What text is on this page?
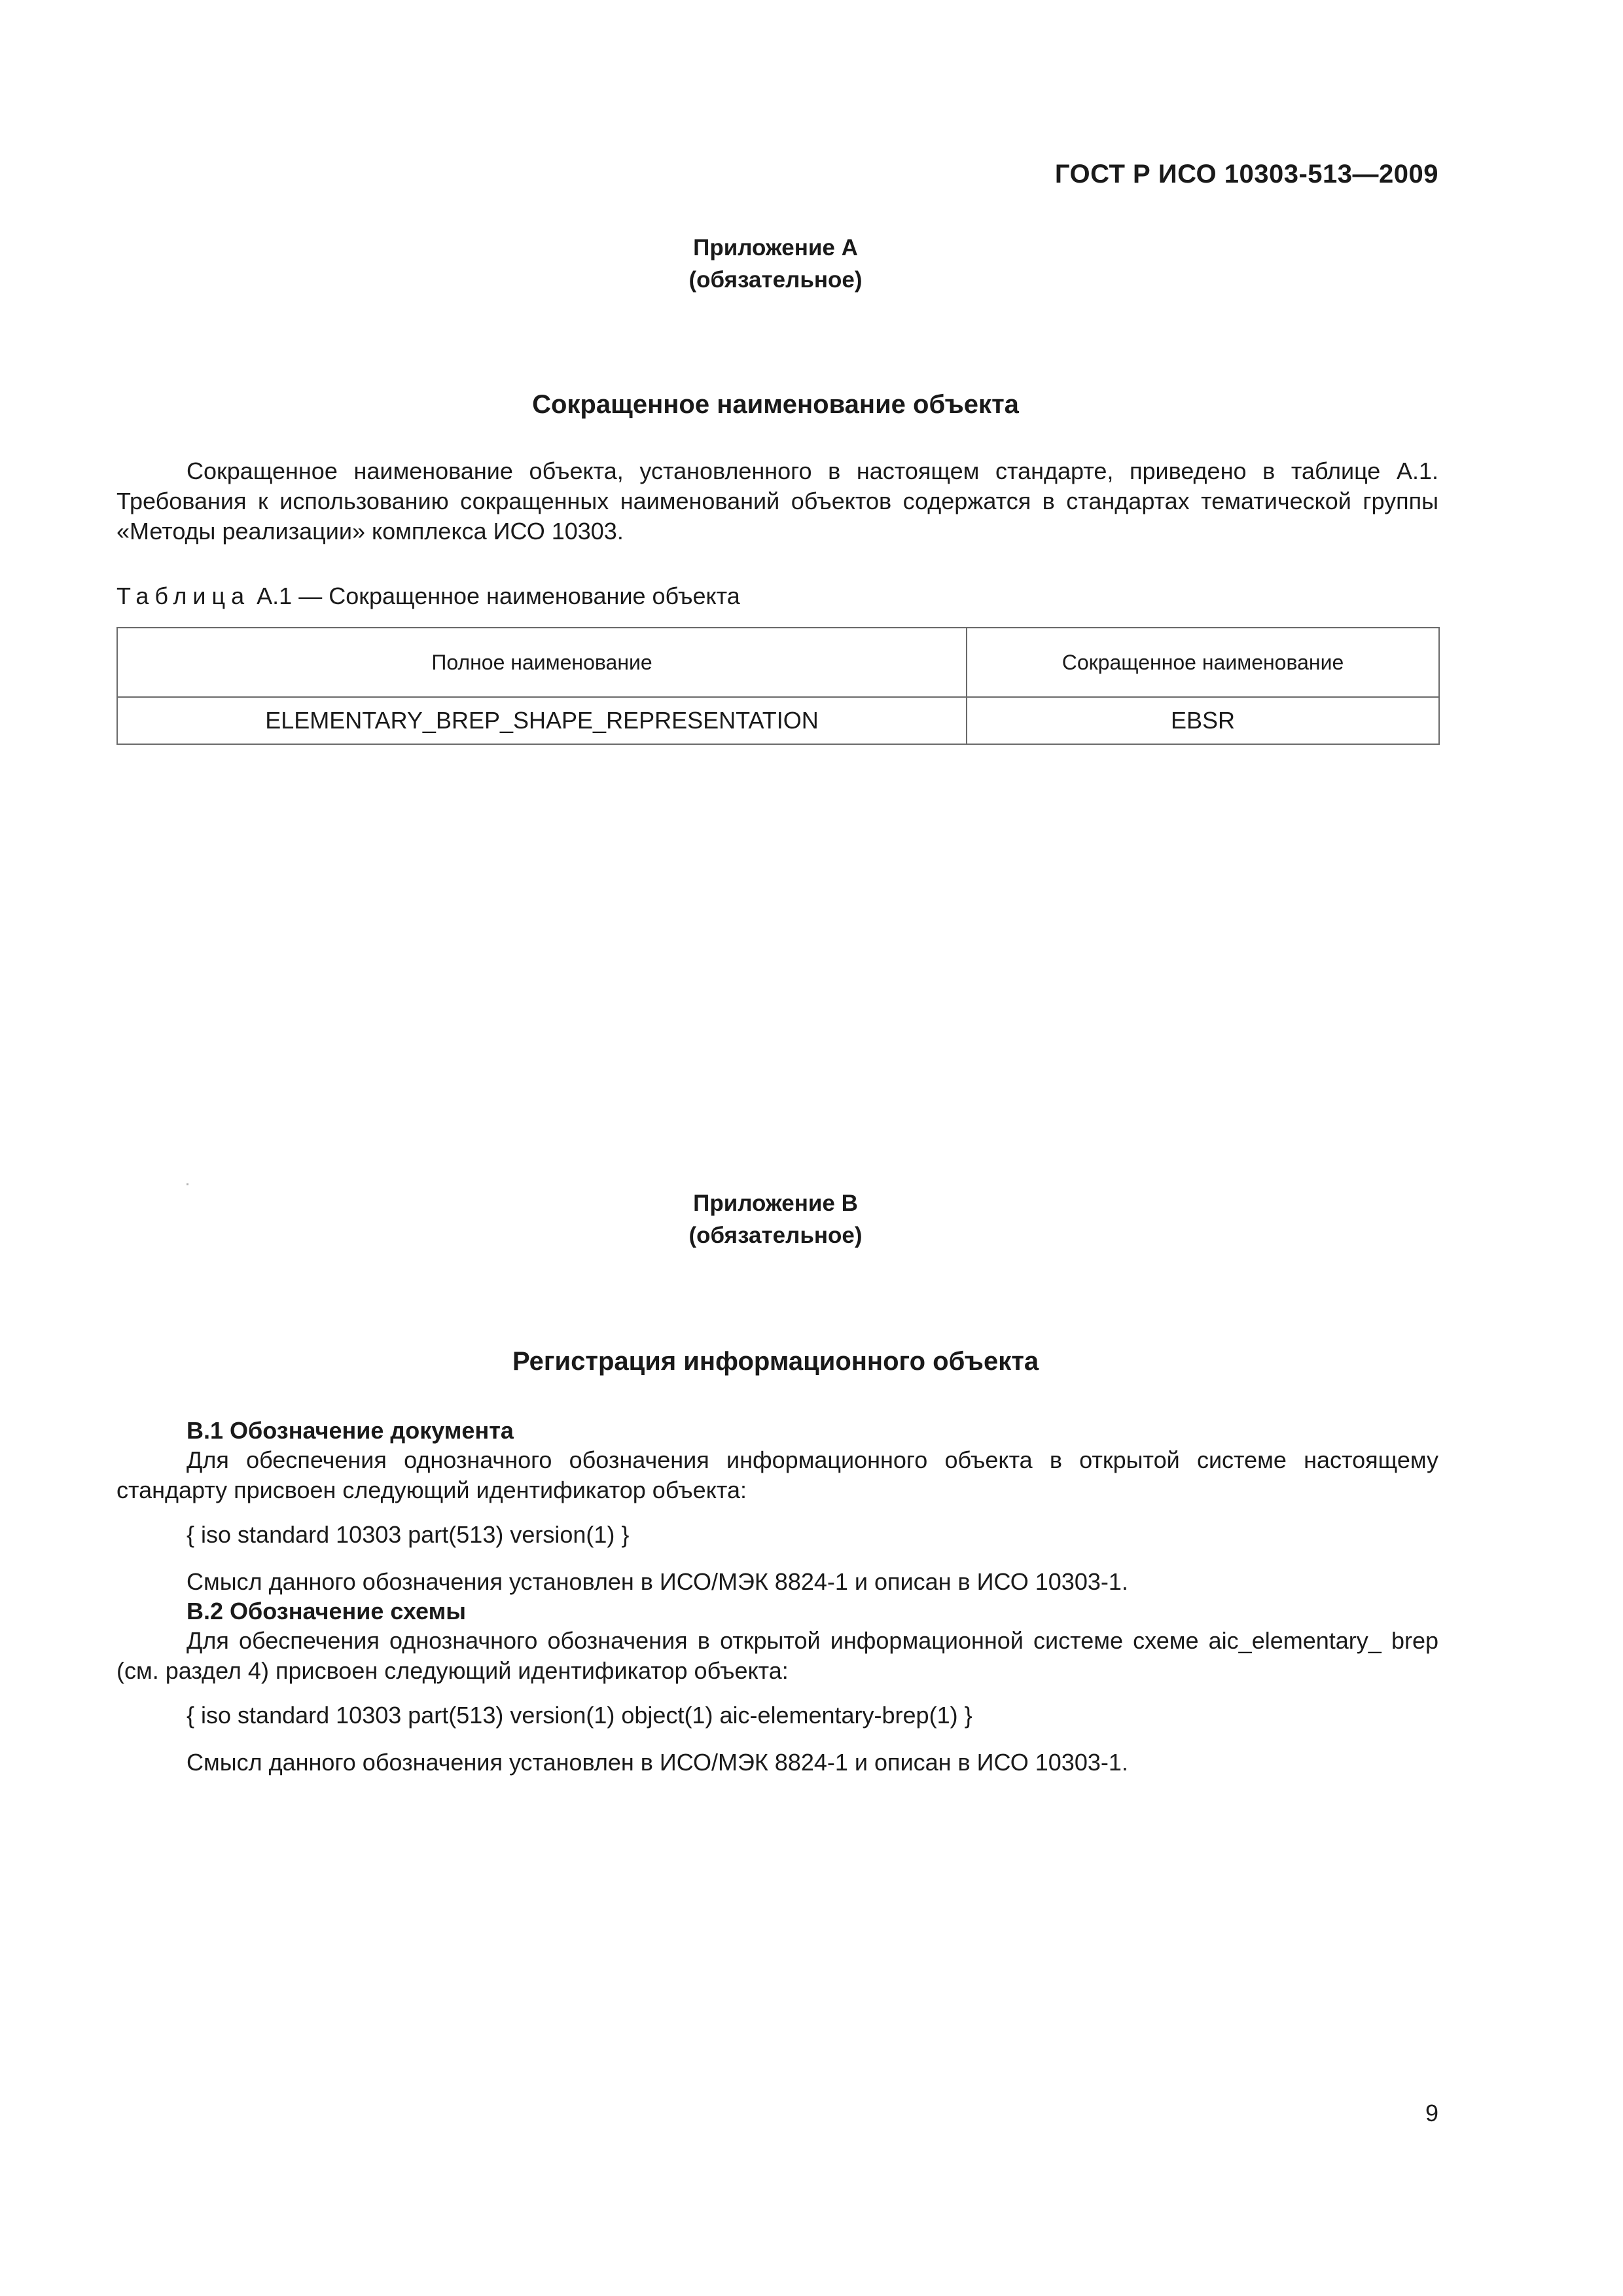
ГОСТ Р ИСО 10303-513—2009
Приложение А
(обязательное)
Сокращенное наименование объекта

Сокращенное наименование объекта, установленного в настоящем стандарте, приведено в таблице А.1. Требования к использованию сокращенных наименований объектов содержатся в стандартах тематической группы «Методы реализации» комплекса ИСО 10303.

Таблица А.1 — Сокращенное наименование объекта
Полное наименование	Сокращенное наименование
ELEMENTARY_BREP_SHAPE_REPRESENTATION	EBSR
Приложение В
(обязательное)
Регистрация информационного объекта
В.1 Обозначение документа

Для обеспечения однозначного обозначения информационного объекта в открытой системе настоящему стандарту присвоен следующий идентификатор объекта:

{ iso standard 10303 part(513) version(1) }
Смысл данного обозначения установлен в ИСО/МЭК 8824-1 и описан в ИСО 10303-1.
В.2 Обозначение схемы

Для обеспечения однозначного обозначения в открытой информационной системе схеме aic_elementary_ brep (см. раздел 4) присвоен следующий идентификатор объекта:

{ iso standard 10303 part(513) version(1) object(1) aic-elementary-brep(1) }
Смысл данного обозначения установлен в ИСО/МЭК 8824-1 и описан в ИСО 10303-1.
9
